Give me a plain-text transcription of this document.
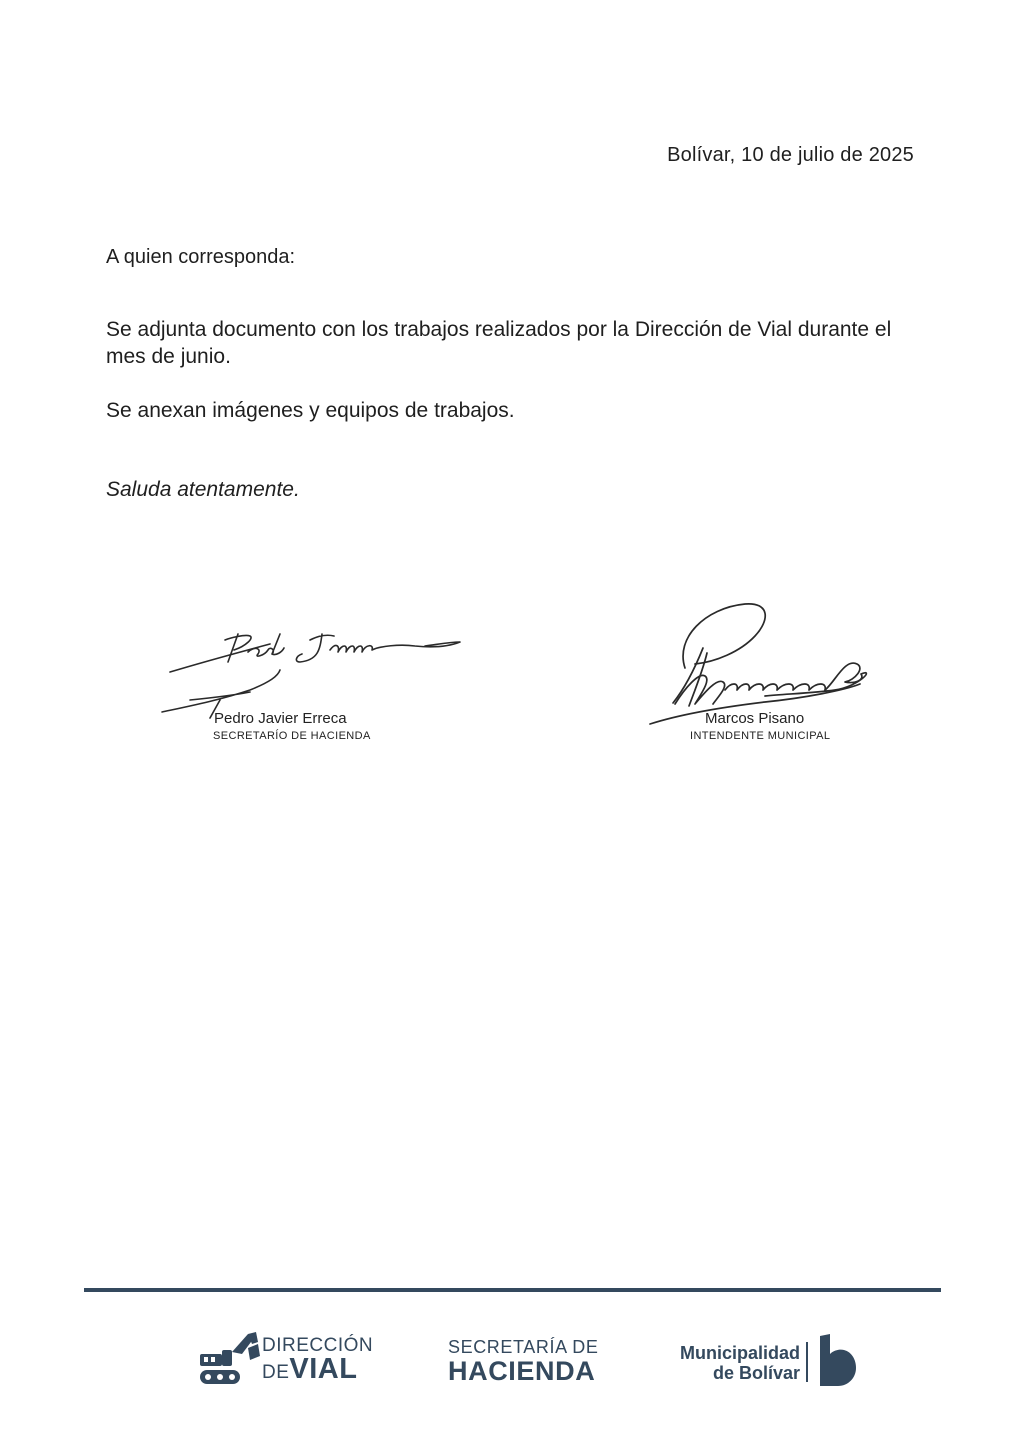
Bolívar, 10 de julio de 2025
A quien corresponda:

Se adjunta documento con los trabajos realizados por la Dirección de Vial durante el mes de junio.

Se anexan imágenes y equipos de trabajos.

Saluda atentamente.
Pedro Javier Erreca
SECRETARÍO DE HACIENDA
Marcos Pisano
INTENDENTE MUNICIPAL
DIRECCIÓN
DEVIAL
SECRETARÍA DE
HACIENDA
Municipalidad
de Bolívar
